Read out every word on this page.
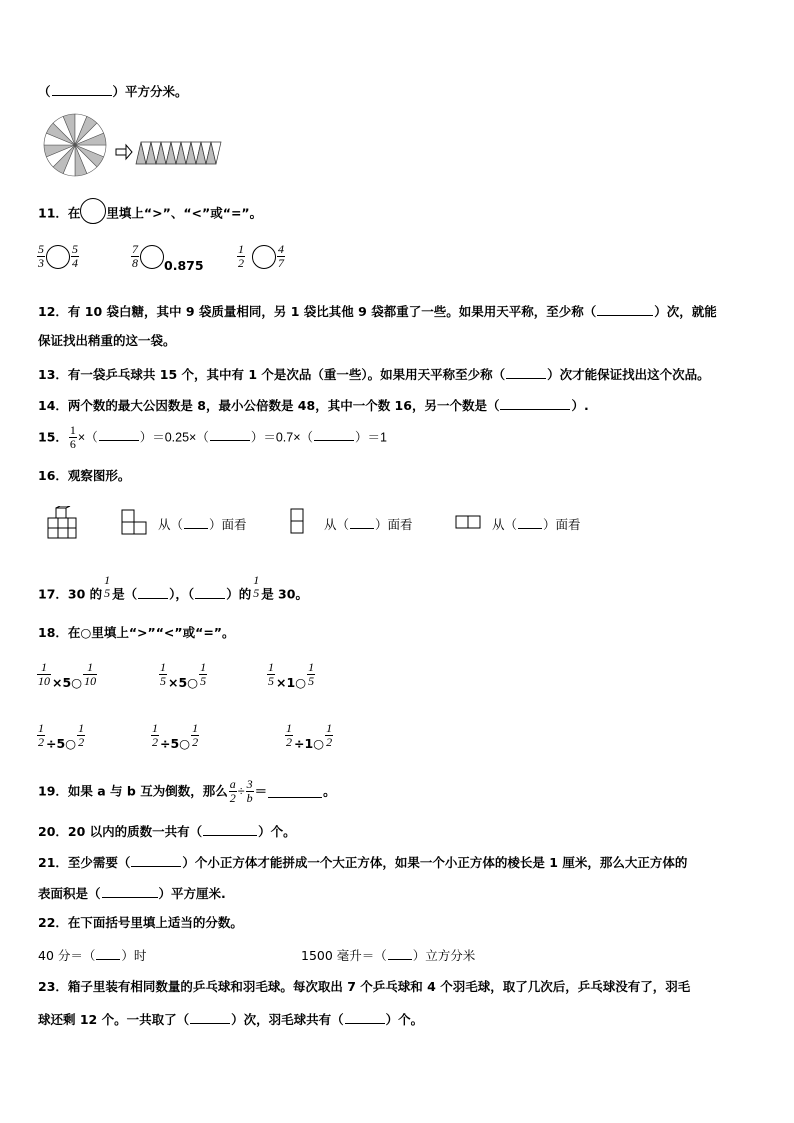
（	）平方分米。
11．在 里填上“>”、“<”或“=”。
$\frac{5}{3} \frac{5}{4}$	$\frac{7}{8} 0.875$	$\frac{1}{2}$	$\frac{4}{7}$
12．有 10 袋白糖，其中 9 袋质量相同，另 1 袋比其他 9 袋都重了一些。如果用天平称，至少称（	）次，就能
保证找出稍重的这一袋。
13．有一袋乒乓球共 15 个，其中有 1 个是次品（重一些）。如果用天平称至少称（	）次才能保证找出这个次品。
14．两个数的最大公因数是 8，最小公倍数是 48，其中一个数 16，另一个数是（	）.
15． $\frac{1}{6}$ ×（	）＝0.25×（	）＝0.7×（	）＝1
16．观察图形。
从（ ）面看	从（ ）面看	从（ ）面看
17．30 的
1
5 是（	），（	）的
1
5 是 30。
18．在○里填上“>”“<”或“=”。
$\frac{1}{10}$ ×5○ $\frac{1}{10}$	$\frac{1}{5}$ ×5○ $\frac{1}{5}$	$\frac{1}{5}$ ×1○ $\frac{1}{5}$
$\frac{1}{2}$ ÷5○ $\frac{1}{2}$	$\frac{1}{2}$ ÷5○ $\frac{1}{2}$	$\frac{1}{2}$ ÷1○ $\frac{1}{2}$
19．如果 a 与 b 互为倒数，那么 $\frac{a}{2} \div \frac{3}{b}$ ＝	。
20．20 以内的质数一共有（	）个。
21．至少需要（	）个小正方体才能拼成一个大正方体，如果一个小正方体的棱长是 1 厘米，那么大正方体的
表面积是（	）平方厘米.
22．在下面括号里填上适当的分数。
40 分＝（ ）时	1500 毫升＝（ ）立方分米
23．箱子里装有相同数量的乒乓球和羽毛球。每次取出 7 个乒乓球和 4 个羽毛球，取了几次后，乒乓球没有了，羽毛
球还剩 12 个。一共取了（	）次，羽毛球共有（	）个。
